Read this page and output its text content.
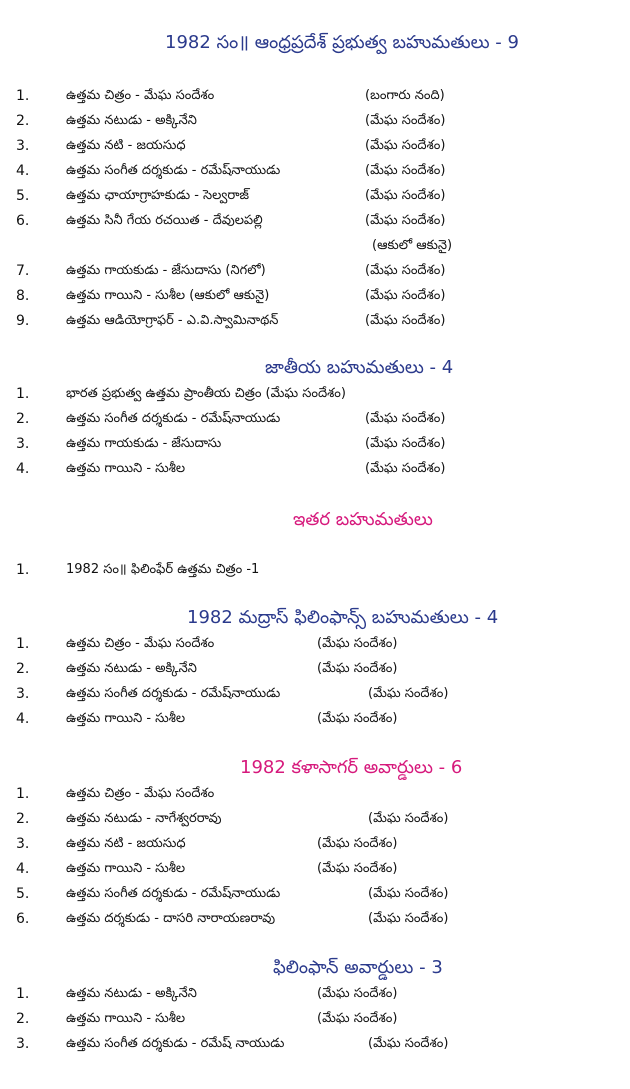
1982 సం॥ ఆంధ్రప్రదేశ్ ప్రభుత్వ బహుమతులు - 9
1.	ఉత్తమ చిత్రం - మేఘ సందేశం	(బంగారు నంది)
2.	ఉత్తమ నటుడు - అక్కినేని	(మేఘ సందేశం)
3.	ఉత్తమ నటి - జయసుధ	(మేఘ సందేశం)
4.	ఉత్తమ సంగీత దర్శకుడు - రమేష్‌నాయుడు	(మేఘ సందేశం)
5.	ఉత్తమ ఛాయాగ్రాహకుడు - సెల్వరాజ్	(మేఘ సందేశం)
6.	ఉత్తమ సినీ గేయ రచయిత - దేవులపల్లి	(మేఘ సందేశం)
(ఆకులో ఆకునై)
7.	ఉత్తమ గాయకుడు - జేసుదాసు (నిగలో)	(మేఘ సందేశం)
8.	ఉత్తమ గాయిని - సుశీల (ఆకులో ఆకునై)	(మేఘ సందేశం)
9.	ఉత్తమ ఆడియోగ్రాఫర్ - ఎ.వి.స్వామినాథన్	(మేఘ సందేశం)
జాతీయ బహుమతులు - 4
1.	భారత ప్రభుత్వ ఉత్తమ ప్రాంతీయ చిత్రం (మేఘ సందేశం)
2.	ఉత్తమ సంగీత దర్శకుడు - రమేష్‌నాయుడు	(మేఘ సందేశం)
3.	ఉత్తమ గాయకుడు - జేసుదాసు	(మేఘ సందేశం)
4.	ఉత్తమ గాయిని - సుశీల	(మేఘ సందేశం)
ఇతర బహుమతులు
1.	1982 సం॥ ఫిలింఫేర్ ఉత్తమ చిత్రం -1
1982 మద్రాస్ ఫిలింఫాన్స్ బహుమతులు - 4
1.	ఉత్తమ చిత్రం - మేఘ సందేశం	(మేఘ సందేశం)
2.	ఉత్తమ నటుడు - అక్కినేని	(మేఘ సందేశం)
3.	ఉత్తమ సంగీత దర్శకుడు - రమేష్‌నాయుడు	(మేఘ సందేశం)
4.	ఉత్తమ గాయిని - సుశీల	(మేఘ సందేశం)
1982 కళాసాగర్ అవార్డులు - 6
1.	ఉత్తమ చిత్రం - మేఘ సందేశం
2.	ఉత్తమ నటుడు - నాగేశ్వరరావు	(మేఘ సందేశం)
3.	ఉత్తమ నటి - జయసుధ	(మేఘ సందేశం)
4.	ఉత్తమ గాయిని - సుశీల	(మేఘ సందేశం)
5.	ఉత్తమ సంగీత దర్శకుడు - రమేష్‌నాయుడు	(మేఘ సందేశం)
6.	ఉత్తమ దర్శకుడు - దాసరి నారాయణరావు	(మేఘ సందేశం)
ఫిలింఫాన్ అవార్డులు - 3
1.	ఉత్తమ నటుడు - అక్కినేని	(మేఘ సందేశం)
2.	ఉత్తమ గాయిని - సుశీల	(మేఘ సందేశం)
3.	ఉత్తమ సంగీత దర్శకుడు - రమేష్ నాయుడు	(మేఘ సందేశం)
